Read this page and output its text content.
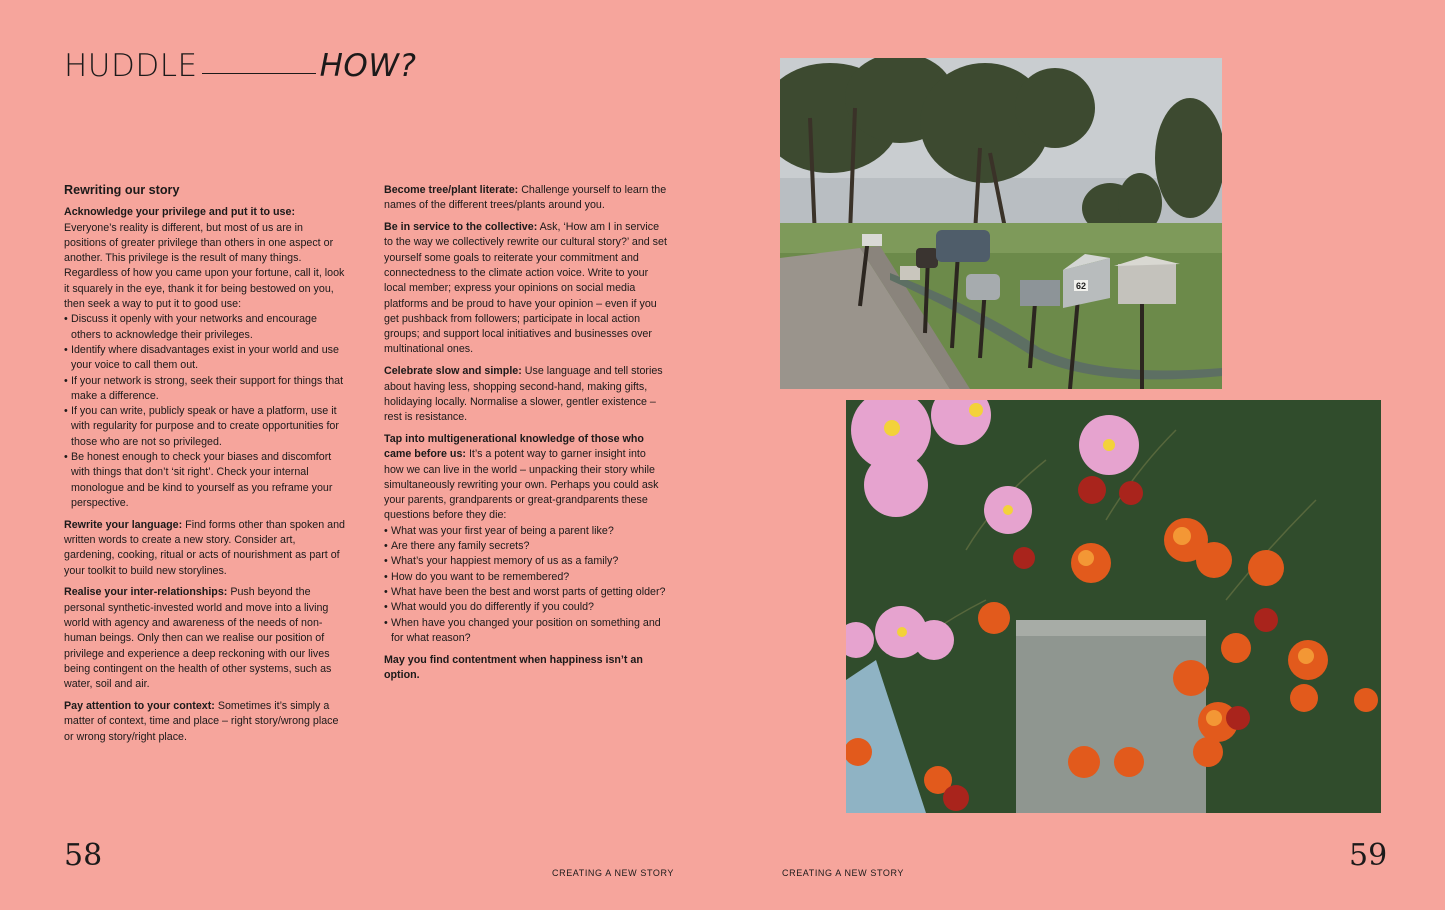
HUDDLE	HOW?
Rewriting our story
Acknowledge your privilege and put it to use:
Everyone’s reality is different, but most of us are in positions of greater privilege than others in one aspect or another. This privilege is the result of many things. Regardless of how you came upon your fortune, call it, look it squarely in the eye, thank it for being bestowed on you, then seek a way to put it to good use:
• Discuss it openly with your networks and encourage others to acknowledge their privileges.
• Identify where disadvantages exist in your world and use your voice to call them out.
• If your network is strong, seek their support for things that make a difference.
• If you can write, publicly speak or have a platform, use it with regularity for purpose and to create opportunities for those who are not so privileged.
• Be honest enough to check your biases and discomfort with things that don’t ‘sit right’. Check your internal monologue and be kind to yourself as you reframe your perspective.
Rewrite your language: Find forms other than spoken and written words to create a new story. Consider art, gardening, cooking, ritual or acts of nourishment as part of your toolkit to build new storylines.
Realise your inter-relationships: Push beyond the personal synthetic-invested world and move into a living world with agency and awareness of the needs of non-human beings. Only then can we realise our position of privilege and experience a deep reckoning with our lives being contingent on the health of other systems, such as water, soil and air.
Pay attention to your context: Sometimes it’s simply a matter of context, time and place – right story/wrong place or wrong story/right place.
Become tree/plant literate: Challenge yourself to learn the names of the different trees/plants around you.
Be in service to the collective: Ask, ‘How am I in service to the way we collectively rewrite our cultural story?’ and set yourself some goals to reiterate your commitment and connectedness to the climate action voice. Write to your local member; express your opinions on social media platforms and be proud to have your opinion – even if you get pushback from followers; participate in local action groups; and support local initiatives and businesses over multinational ones.
Celebrate slow and simple: Use language and tell stories about having less, shopping second-hand, making gifts, holidaying locally. Normalise a slower, gentler existence – rest is resistance.
Tap into multigenerational knowledge of those who came before us: It’s a potent way to garner insight into how we can live in the world – unpacking their story while simultaneously rewriting your own. Perhaps you could ask your parents, grandparents or great-grandparents these questions before they die:
• What was your first year of being a parent like?
• Are there any family secrets?
• What’s your happiest memory of us as a family?
• How do you want to be remembered?
• What have been the best and worst parts of getting older?
• What would you do differently if you could?
• When have you changed your position on something and for what reason?
May you find contentment when happiness isn’t an option.
62
58	59
CREATING A NEW STORY	CREATING A NEW STORY
